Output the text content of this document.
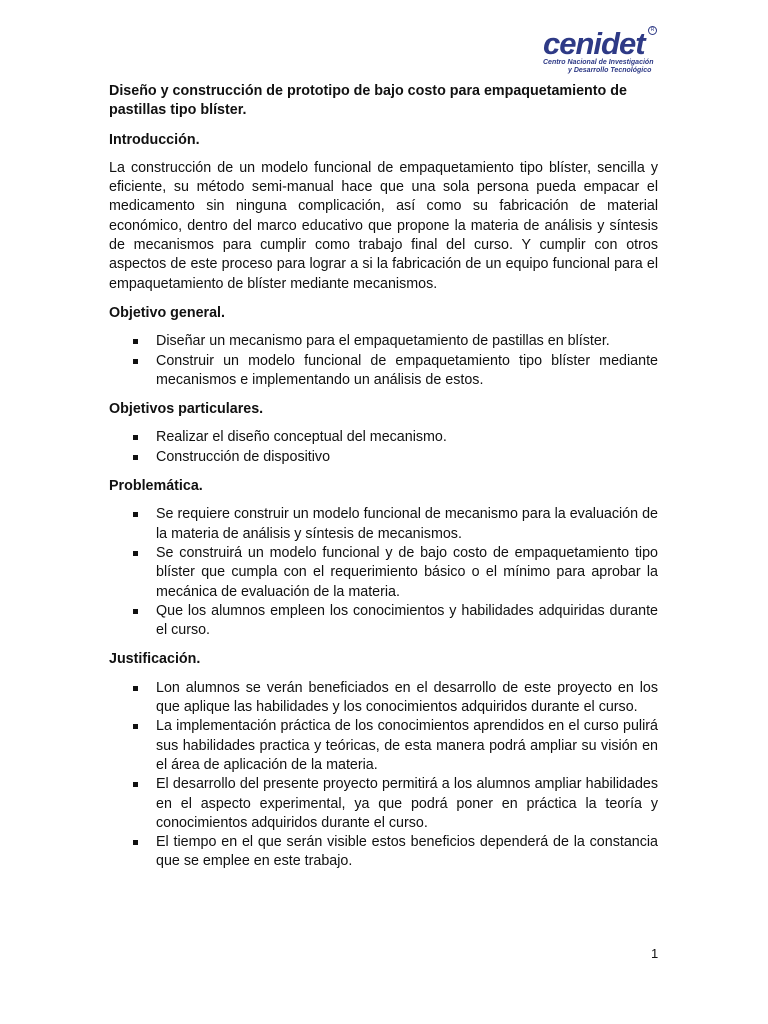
cenidet	R
Centro Nacional de Investigación
y Desarrollo Tecnológico
Diseño y construcción de prototipo de bajo costo para empaquetamiento de pastillas tipo blíster.
Introducción.

La construcción de un modelo funcional de empaquetamiento tipo blíster, sencilla y eficiente, su método semi-manual hace que una sola persona pueda empacar el medicamento sin ninguna complicación, así como su fabricación de material económico, dentro del marco educativo que propone la materia de análisis y síntesis de mecanismos para cumplir como trabajo final del curso. Y cumplir con otros aspectos de este proceso para lograr a si la fabricación de un equipo funcional para el empaquetamiento de blíster mediante mecanismos.

Objetivo general.
Diseñar un mecanismo para el empaquetamiento de pastillas en blíster.
Construir un modelo funcional de empaquetamiento tipo blíster mediante mecanismos e implementando un análisis de estos.
Objetivos particulares.
Realizar el diseño conceptual del mecanismo.
Construcción de dispositivo
Problemática.
Se requiere construir un modelo funcional de mecanismo para la evaluación de la materia de análisis y síntesis de mecanismos.
Se construirá un modelo funcional y de bajo costo de empaquetamiento tipo blíster que cumpla con el requerimiento básico o el mínimo para aprobar la mecánica de evaluación de la materia.
Que los alumnos empleen los conocimientos y habilidades adquiridas durante el curso.
Justificación.
Lon alumnos se verán beneficiados en el desarrollo de este proyecto en los que aplique las habilidades y los conocimientos adquiridos durante el curso.
La implementación práctica de los conocimientos aprendidos en el curso pulirá sus habilidades practica y teóricas, de esta manera podrá ampliar su visión en el área de aplicación de la materia.
El desarrollo del presente proyecto permitirá a los alumnos ampliar habilidades en el aspecto experimental, ya que podrá poner en práctica la teoría y conocimientos adquiridos durante el curso.
El tiempo en el que serán visible estos beneficios dependerá de la constancia que se emplee en este trabajo.
1
